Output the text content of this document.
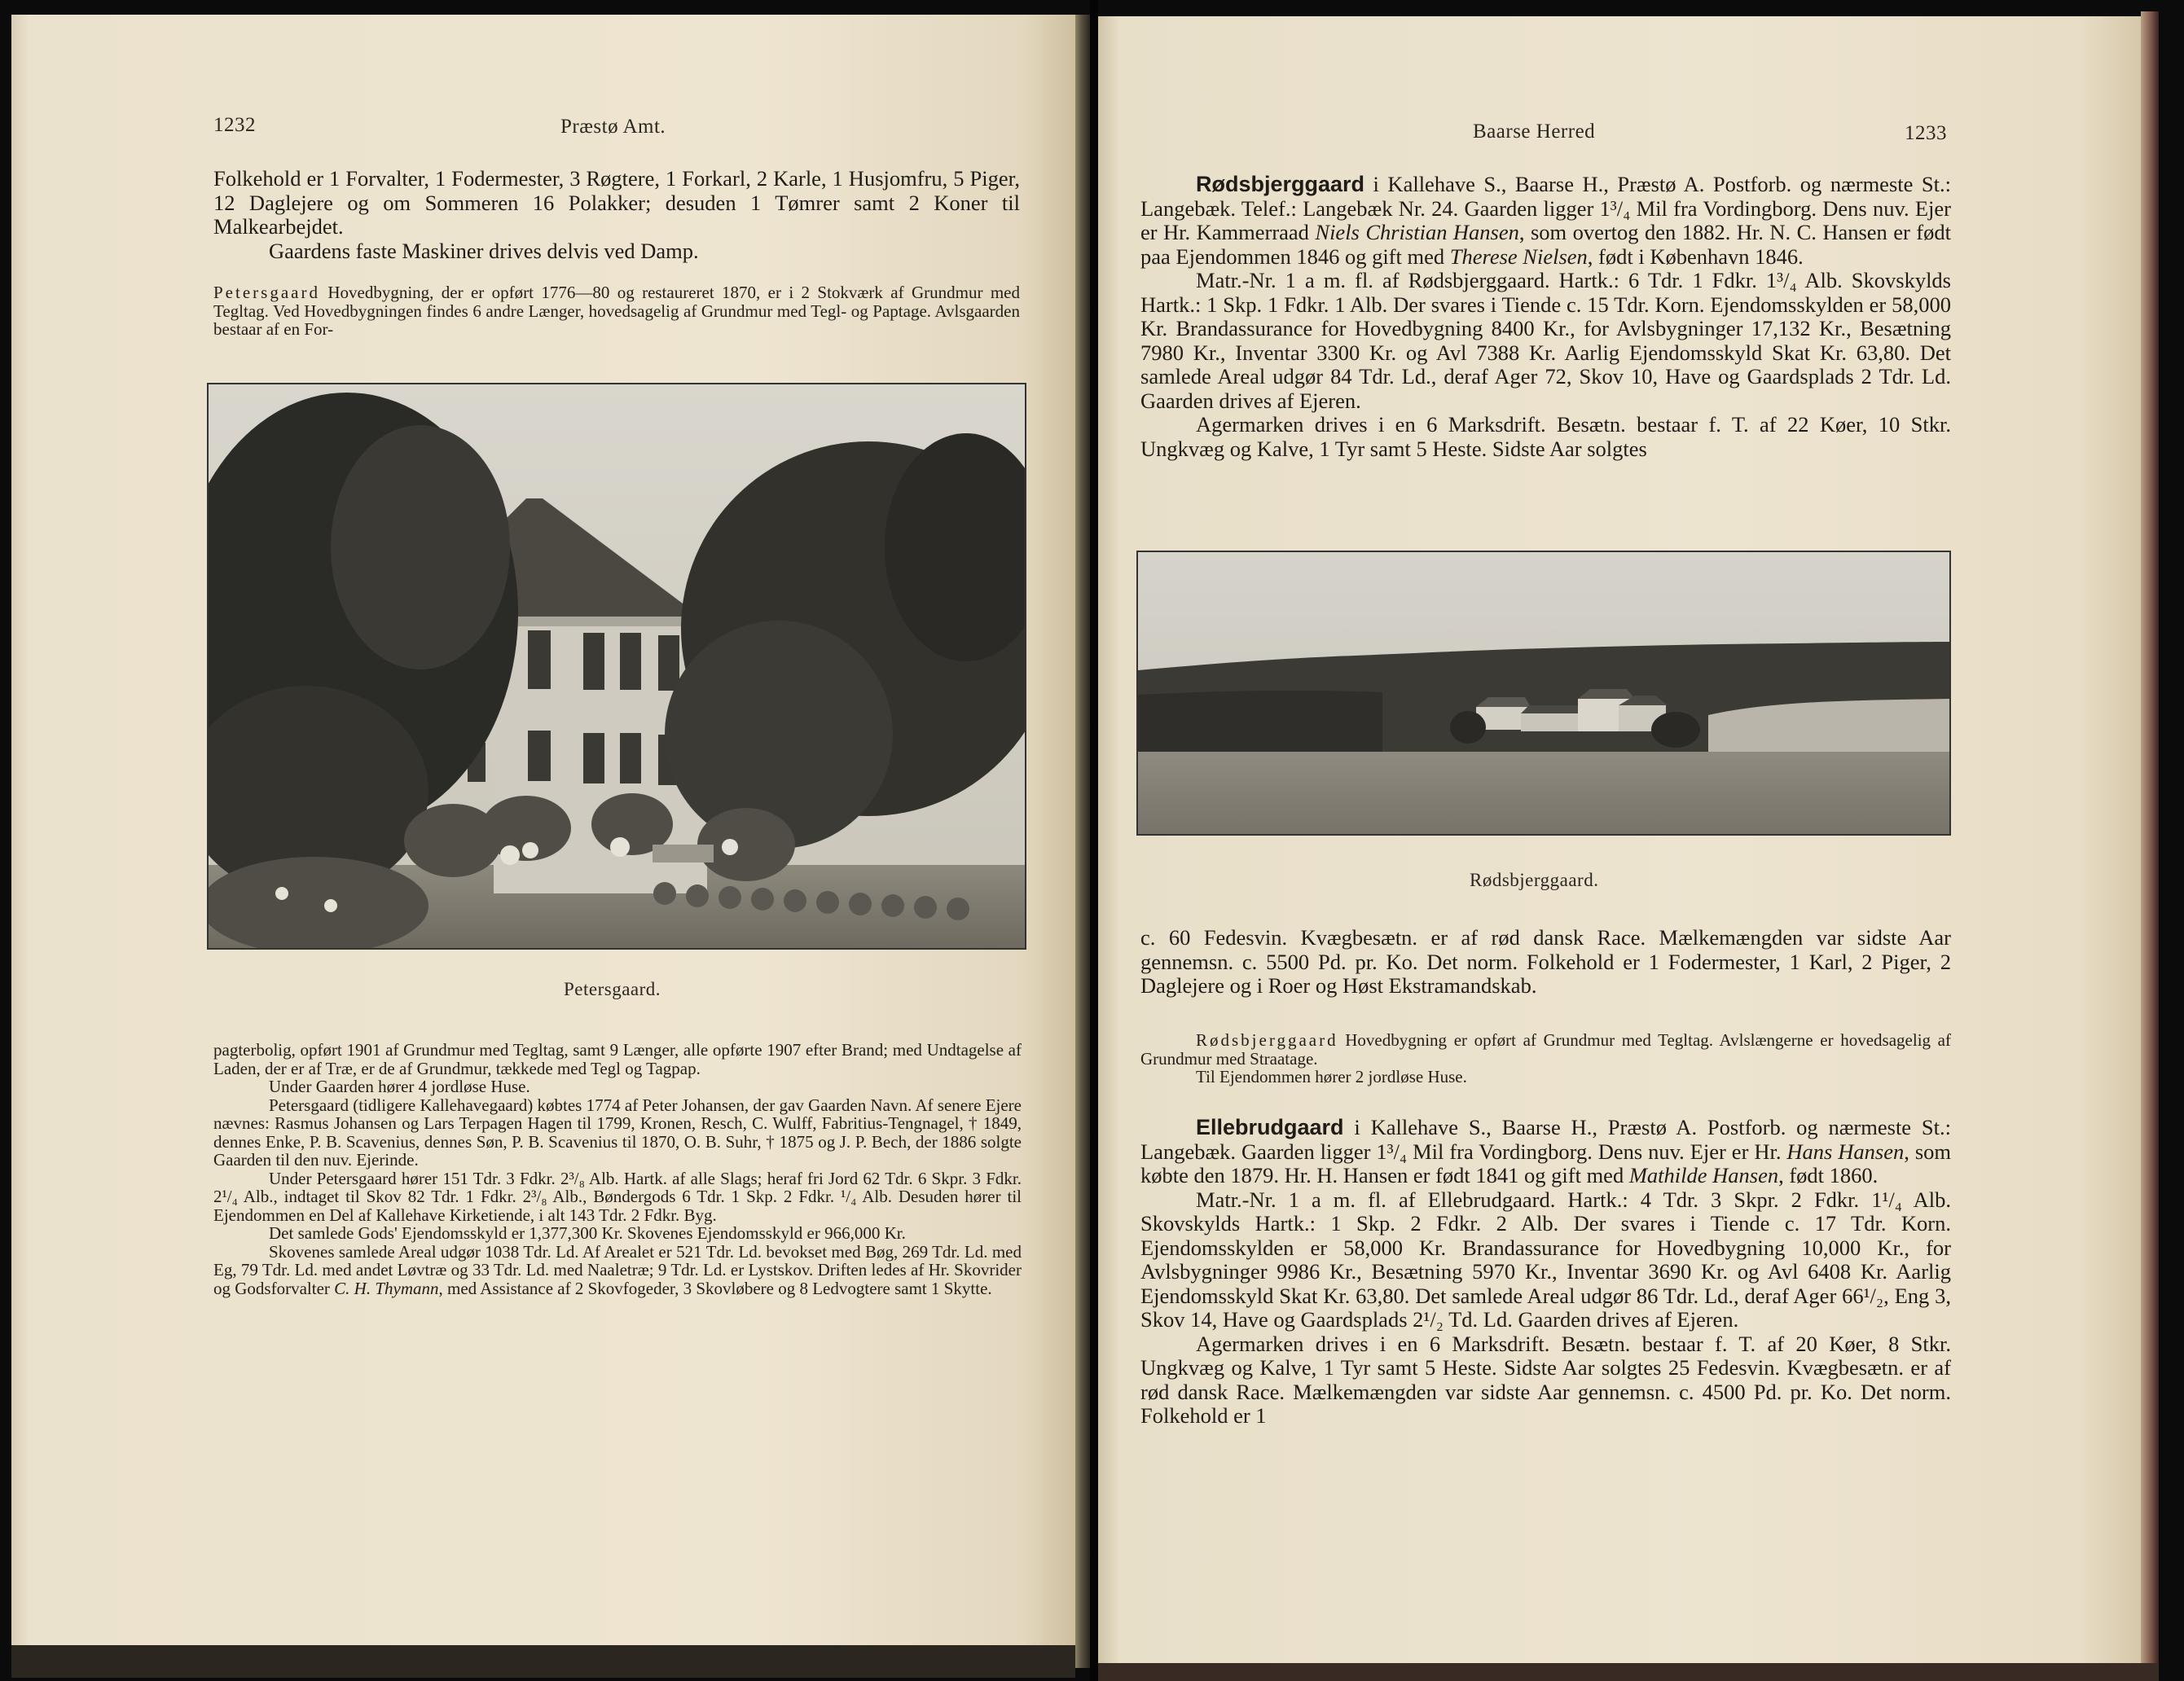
1232	Præstø Amt.

Folkehold er 1 Forvalter, 1 Fodermester, 3 Røgtere, 1 Forkarl, 2 Karle, 1 Husjomfru, 5 Piger, 12 Daglejere og om Sommeren 16 Polakker; desuden 1 Tømrer samt 2 Koner til Malkearbejdet.

Gaardens faste Maskiner drives delvis ved Damp.

Petersgaard Hovedbygning, der er opført 1776—80 og restaureret 1870, er i 2 Stokværk af Grundmur med Tegltag. Ved Hovedbygningen findes 6 andre Længer, hovedsagelig af Grundmur med Tegl- og Paptage. Avlsgaarden bestaar af en For-

Petersgaard.

pagterbolig, opført 1901 af Grundmur med Tegltag, samt 9 Længer, alle opførte 1907 efter Brand; med Undtagelse af Laden, der er af Træ, er de af Grundmur, tækkede med Tegl og Tagpap.

Under Gaarden hører 4 jordløse Huse.

Petersgaard (tidligere Kallehavegaard) købtes 1774 af Peter Johansen, der gav Gaarden Navn. Af senere Ejere nævnes: Rasmus Johansen og Lars Terpagen Hagen til 1799, Kronen, Resch, C. Wulff, Fabritius-Tengnagel, † 1849, dennes Enke, P. B. Scavenius, dennes Søn, P. B. Scavenius til 1870, O. B. Suhr, † 1875 og J. P. Bech, der 1886 solgte Gaarden til den nuv. Ejerinde.

Under Petersgaard hører 151 Tdr. 3 Fdkr. 2³/₈ Alb. Hartk. af alle Slags; heraf fri Jord 62 Tdr. 6 Skpr. 3 Fdkr. 2¹/₄ Alb., indtaget til Skov 82 Tdr. 1 Fdkr. 2³/₈ Alb., Bøndergods 6 Tdr. 1 Skp. 2 Fdkr. ¹/₄ Alb. Desuden hører til Ejendommen en Del af Kallehave Kirketiende, i alt 143 Tdr. 2 Fdkr. Byg.

Det samlede Gods' Ejendomsskyld er 1,377,300 Kr. Skovenes Ejendomsskyld er 966,000 Kr.

Skovenes samlede Areal udgør 1038 Tdr. Ld. Af Arealet er 521 Tdr. Ld. bevokset med Bøg, 269 Tdr. Ld. med Eg, 79 Tdr. Ld. med andet Løvtræ og 33 Tdr. Ld. med Naaletræ; 9 Tdr. Ld. er Lystskov. Driften ledes af Hr. Skovrider og Godsforvalter C. H. Thymann, med Assistance af 2 Skovfogeder, 3 Skovløbere og 8 Ledvogtere samt 1 Skytte.

Baarse Herred	1233

Rødsbjerggaard i Kallehave S., Baarse H., Præstø A. Postforb. og nærmeste St.: Langebæk. Telef.: Langebæk Nr. 24. Gaarden ligger 1³/₄ Mil fra Vordingborg. Dens nuv. Ejer er Hr. Kammerraad Niels Christian Hansen, som overtog den 1882. Hr. N. C. Hansen er født paa Ejendommen 1846 og gift med Therese Nielsen, født i København 1846.

Matr.-Nr. 1 a m. fl. af Rødsbjerggaard. Hartk.: 6 Tdr. 1 Fdkr. 1³/₄ Alb. Skovskylds Hartk.: 1 Skp. 1 Fdkr. 1 Alb. Der svares i Tiende c. 15 Tdr. Korn. Ejendomsskylden er 58,000 Kr. Brandassurance for Hovedbygning 8400 Kr., for Avlsbygninger 17,132 Kr., Besætning 7980 Kr., Inventar 3300 Kr. og Avl 7388 Kr. Aarlig Ejendomsskyld Skat Kr. 63,80. Det samlede Areal udgør 84 Tdr. Ld., deraf Ager 72, Skov 10, Have og Gaardsplads 2 Tdr. Ld. Gaarden drives af Ejeren.

Agermarken drives i en 6 Marksdrift. Besætn. bestaar f. T. af 22 Køer, 10 Stkr. Ungkvæg og Kalve, 1 Tyr samt 5 Heste. Sidste Aar solgtes

Rødsbjerggaard.

c. 60 Fedesvin. Kvægbesætn. er af rød dansk Race. Mælkemængden var sidste Aar gennemsn. c. 5500 Pd. pr. Ko. Det norm. Folkehold er 1 Fodermester, 1 Karl, 2 Piger, 2 Daglejere og i Roer og Høst Ekstramandskab.

Rødsbjerggaard Hovedbygning er opført af Grundmur med Tegltag. Avlslængerne er hovedsagelig af Grundmur med Straatage.

Til Ejendommen hører 2 jordløse Huse.

Ellebrudgaard i Kallehave S., Baarse H., Præstø A. Postforb. og nærmeste St.: Langebæk. Gaarden ligger 1³/₄ Mil fra Vordingborg. Dens nuv. Ejer er Hr. Hans Hansen, som købte den 1879. Hr. H. Hansen er født 1841 og gift med Mathilde Hansen, født 1860.

Matr.-Nr. 1 a m. fl. af Ellebrudgaard. Hartk.: 4 Tdr. 3 Skpr. 2 Fdkr. 1¹/₄ Alb. Skovskylds Hartk.: 1 Skp. 2 Fdkr. 2 Alb. Der svares i Tiende c. 17 Tdr. Korn. Ejendomsskylden er 58,000 Kr. Brandassurance for Hovedbygning 10,000 Kr., for Avlsbygninger 9986 Kr., Besætning 5970 Kr., Inventar 3690 Kr. og Avl 6408 Kr. Aarlig Ejendomsskyld Skat Kr. 63,80. Det samlede Areal udgør 86 Tdr. Ld., deraf Ager 66¹/₂, Eng 3, Skov 14, Have og Gaardsplads 2¹/₂ Td. Ld. Gaarden drives af Ejeren.

Agermarken drives i en 6 Marksdrift. Besætn. bestaar f. T. af 20 Køer, 8 Stkr. Ungkvæg og Kalve, 1 Tyr samt 5 Heste. Sidste Aar solgtes 25 Fedesvin. Kvægbesætn. er af rød dansk Race. Mælkemængden var sidste Aar gennemsn. c. 4500 Pd. pr. Ko. Det norm. Folkehold er 1
